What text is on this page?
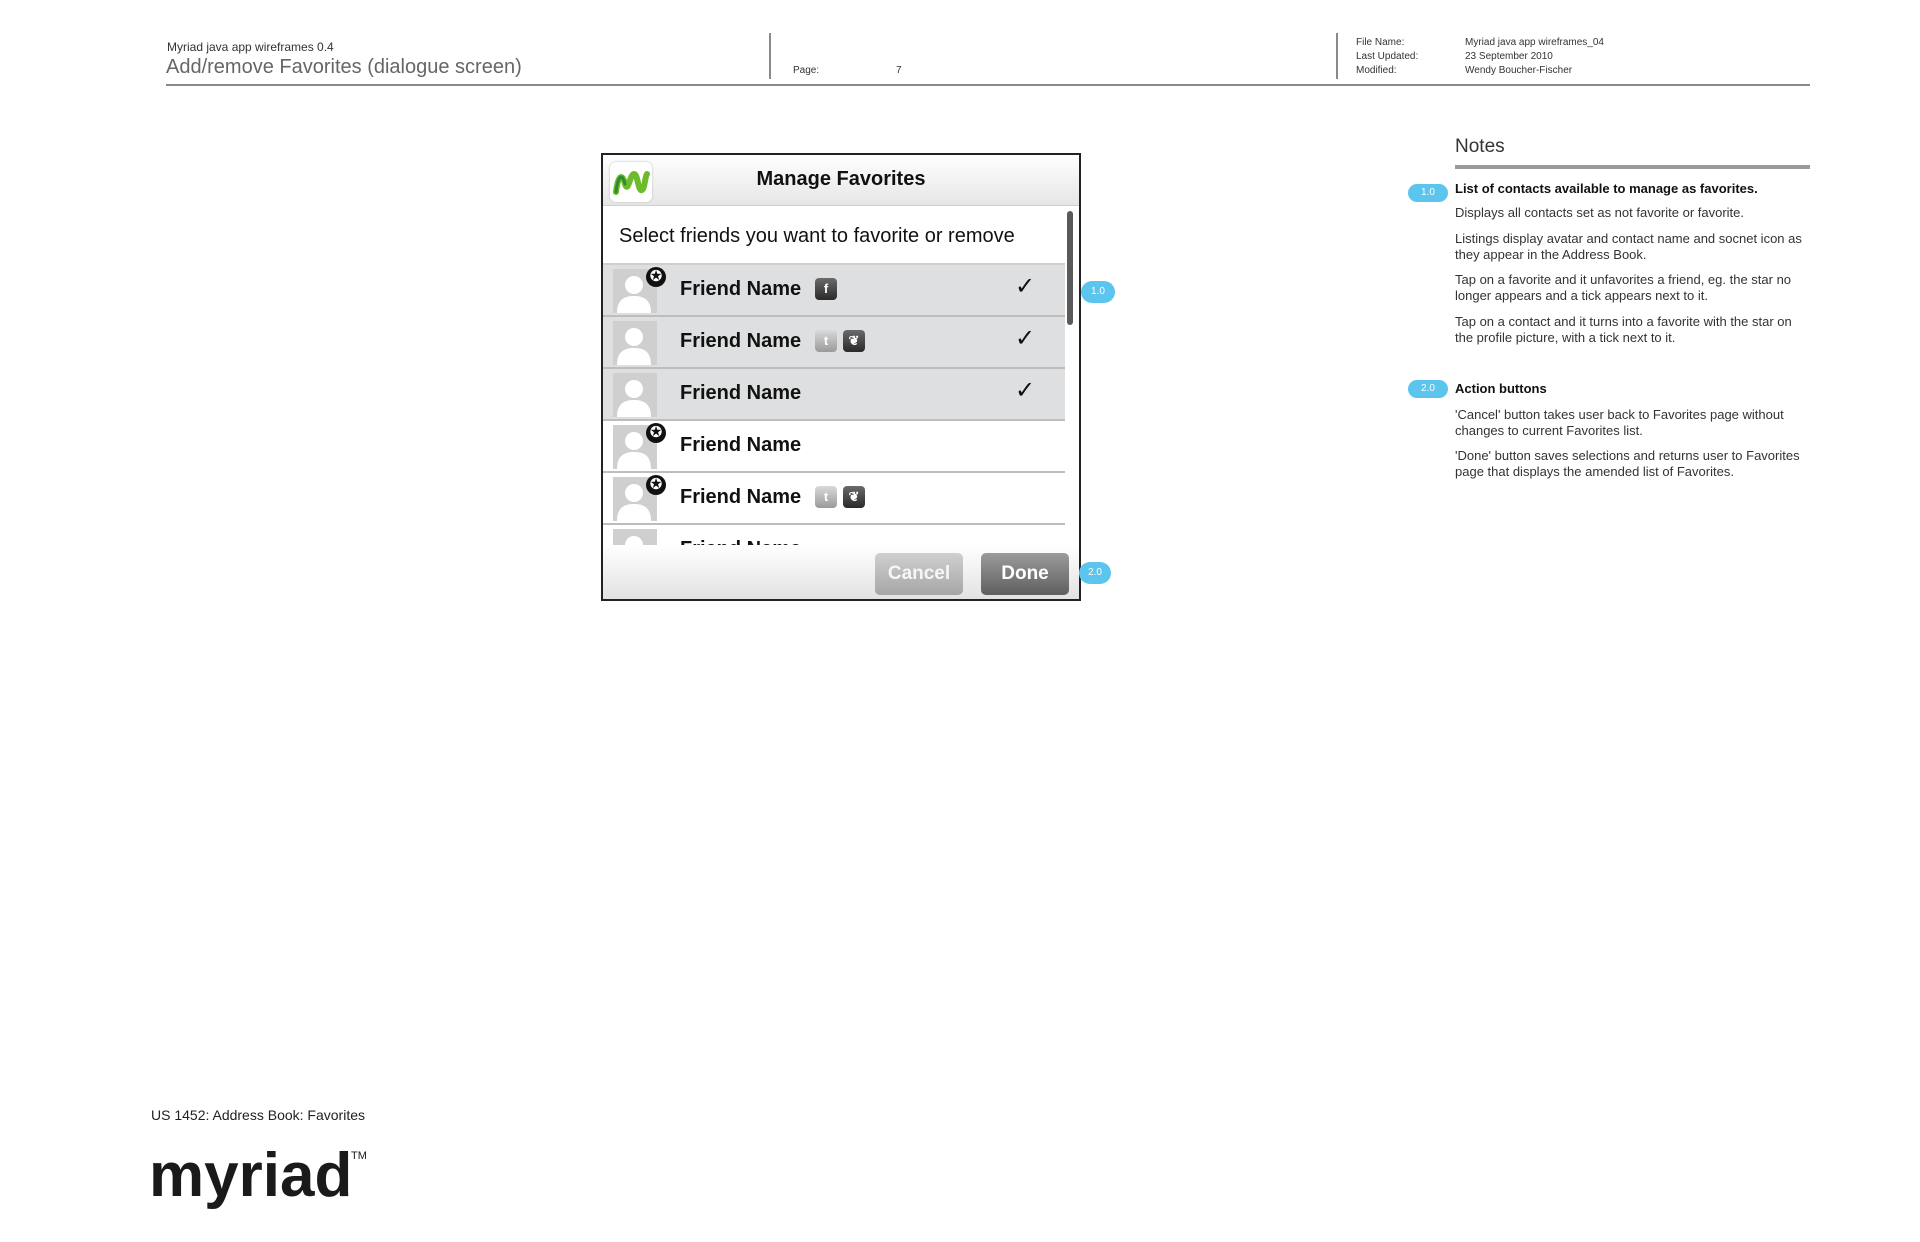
Myriad java app wireframes 0.4
Add/remove Favorites (dialogue screen)	Page:	7
File Name:	Myriad java app wireframes_04
Last Updated:	23 September 2010
Modified:	Wendy Boucher-Fischer
Manage Favorites
Select friends you want to favorite or remove
✪
Friend Name	f	✓
Friend Name	t	❦	✓
Friend Name	✓
✪
Friend Name
✪
Friend Name	t	❦
Cancel	Done
1.0
2.0
Notes
1.0	List of contacts available to manage as favorites.
Displays all contacts set as not favorite or favorite.
Listings display avatar and contact name and socnet icon as they appear in the Address Book.
Tap on a favorite and it unfavorites a friend, eg. the star no longer appears and a tick appears next to it.
Tap on a contact and it turns into a favorite with the star on the profile picture, with a tick next to it.
2.0	Action buttons
'Cancel' button takes user back to Favorites page without changes to current Favorites list.
'Done' button saves selections and returns user to Favorites page that displays the amended list of Favorites.
US 1452: Address Book: Favorites
myriad
TM
